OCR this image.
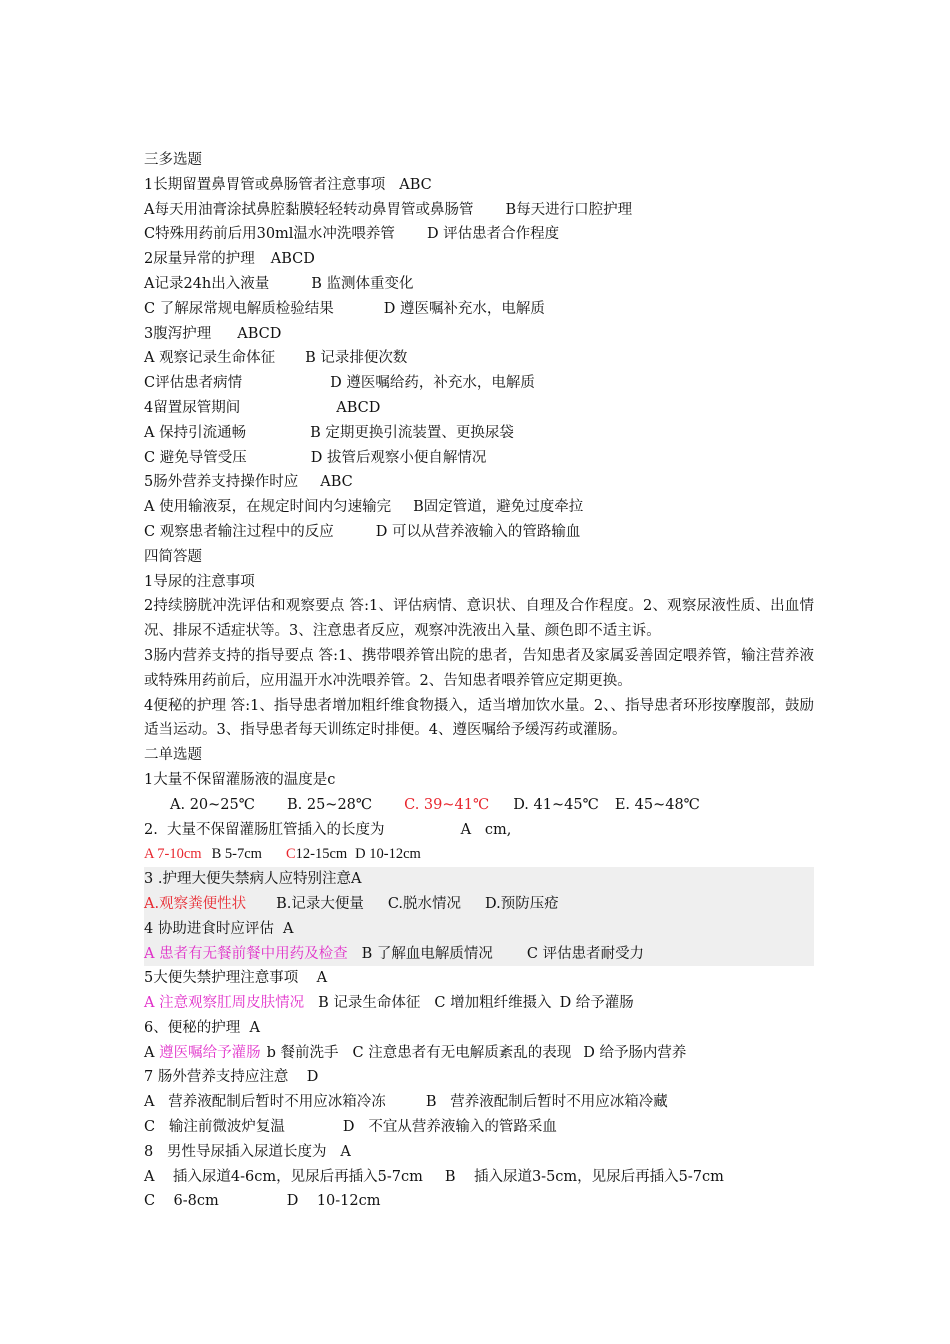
三多选题
1长期留置鼻胃管或鼻肠管者注意事项 ABC
A每天用油膏涂拭鼻腔黏膜轻轻转动鼻胃管或鼻肠管 B每天进行口腔护理
C特殊用药前后用30ml温水冲洗喂养管 D 评估患者合作程度
2尿量异常的护理 ABCD
A记录24h出入液量	B 监测体重变化
C 了解尿常规电解质检验结果	D 遵医嘱补充水，电解质
3腹泻护理 ABCD
A 观察记录生命体征 B 记录排便次数
C评估患者病情	D 遵医嘱给药，补充水，电解质
4留置尿管期间	ABCD
A 保持引流通畅	B 定期更换引流装置、更换尿袋
C 避免导管受压	D 拔管后观察小便自解情况
5肠外营养支持操作时应 ABC
A 使用输液泵，在规定时间内匀速输完 B固定管道，避免过度牵拉
C 观察患者输注过程中的反应	D 可以从营养液输入的管路输血
四简答题
1导尿的注意事项
2持续膀胱冲洗评估和观察要点 答:1、评估病情、意识状、自理及合作程度。2、观察尿液性质、出血情况、排尿不适症状等。3、注意患者反应，观察冲洗液出入量、颜色即不适主诉。
3肠内营养支持的指导要点 答:1、携带喂养管出院的患者，告知患者及家属妥善固定喂养管，输注营养液或特殊用药前后，应用温开水冲洗喂养管。2、告知患者喂养管应定期更换。
4便秘的护理 答:1、指导患者增加粗纤维食物摄入，适当增加饮水量。2、、指导患者环形按摩腹部，鼓励适当运动。3、指导患者每天训练定时排便。4、遵医嘱给予缓泻药或灌肠。
二单选题
1大量不保留灌肠液的温度是c
A. 20~25℃ B. 25~28℃ C. 39~41℃ D. 41~45℃ E. 45~48℃
2.  大量不保留灌肠肛管插入的长度为	A   cm,
A 7-10cm B 5-7cm C12-15cm D 10-12cm
3 .护理大便失禁病人应特别注意A
A.观察粪便性状 B.记录大便量 C.脱水情况 D.预防压疮
4 协助进食时应评估  A
A 患者有无餐前餐中用药及检查 B 了解血电解质情况 C 评估患者耐受力
5大便失禁护理注意事项    A
A 注意观察肛周皮肤情况 B 记录生命体征 C 增加粗纤维摄入 D 给予灌肠
6、便秘的护理  A
A 遵医嘱给予灌肠 b 餐前洗手 C 注意患者有无电解质紊乱的表现 D 给予肠内营养
7 肠外营养支持应注意    D
A   营养液配制后暂时不用应冰箱冷冻	B   营养液配制后暂时不用应冰箱冷藏
C   输注前微波炉复温	D   不宜从营养液输入的管路采血
8   男性导尿插入尿道长度为   A
A    插入尿道4-6cm，见尿后再插入5-7cm B    插入尿道3-5cm，见尿后再插入5-7cm
C    6-8cm	D    10-12cm
